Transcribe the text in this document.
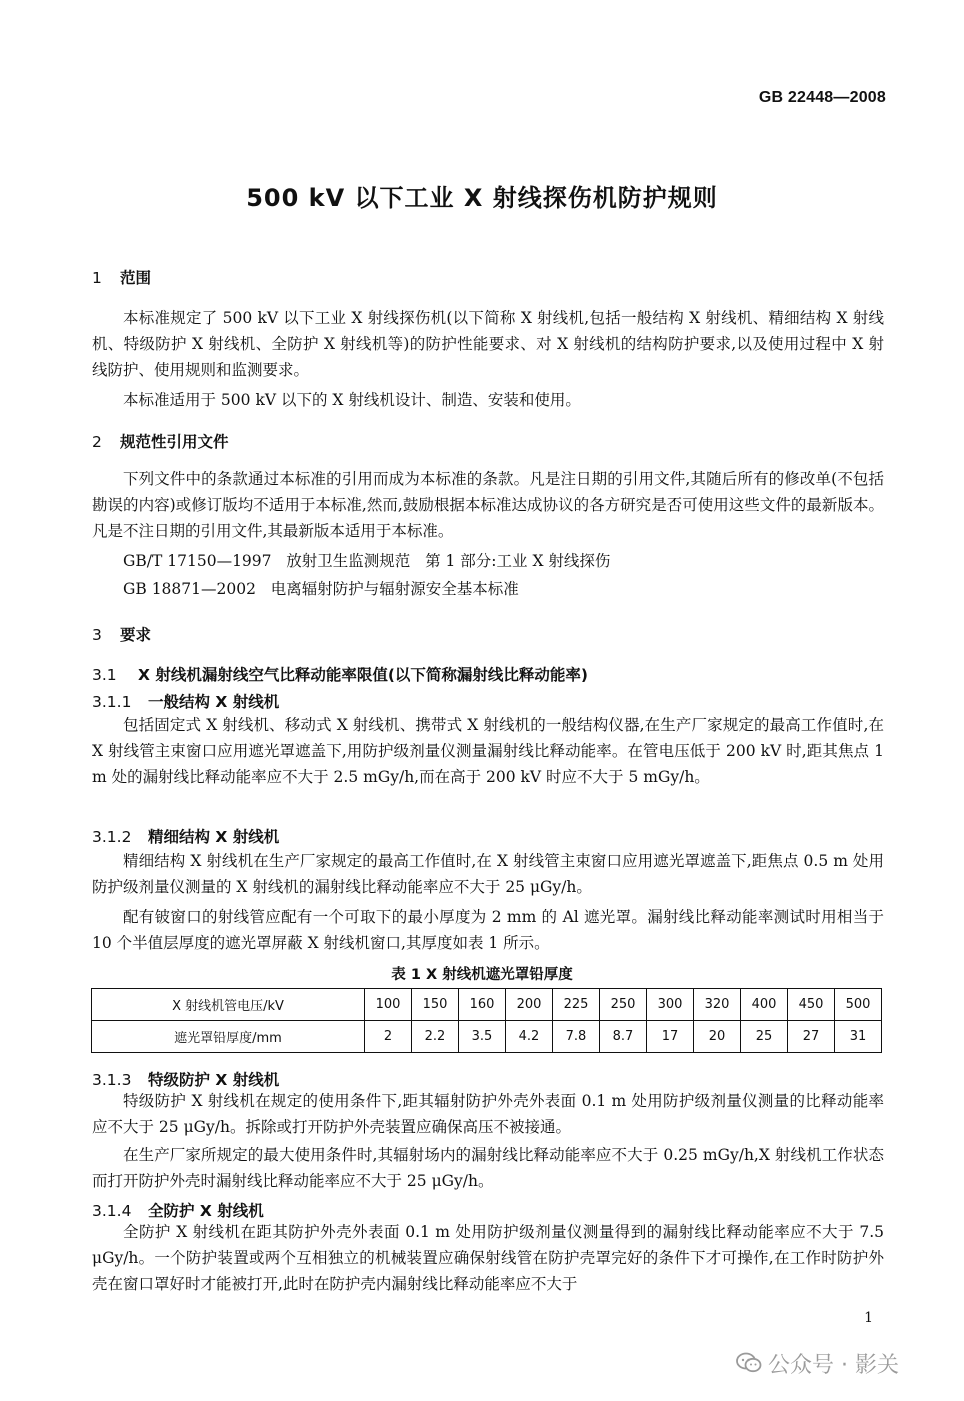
GB 22448—2008
500 kV 以下工业 X 射线探伤机防护规则
1 范围

本标准规定了 500 kV 以下工业 X 射线探伤机(以下简称 X 射线机,包括一般结构 X 射线机、精细结构 X 射线机、特级防护 X 射线机、全防护 X 射线机等)的防护性能要求、对 X 射线机的结构防护要求,以及使用过程中 X 射线防护、使用规则和监测要求。

本标准适用于 500 kV 以下的 X 射线机设计、制造、安装和使用。

2 规范性引用文件

下列文件中的条款通过本标准的引用而成为本标准的条款。凡是注日期的引用文件,其随后所有的修改单(不包括勘误的内容)或修订版均不适用于本标准,然而,鼓励根据本标准达成协议的各方研究是否可使用这些文件的最新版本。凡是不注日期的引用文件,其最新版本适用于本标准。

GB/T 17150—1997   放射卫生监测规范   第 1 部分:工业 X 射线探伤

GB 18871—2002   电离辐射防护与辐射源安全基本标准

3 要求
3.1 X 射线机漏射线空气比释动能率限值(以下简称漏射线比释动能率)
3.1.1 一般结构 X 射线机

包括固定式 X 射线机、移动式 X 射线机、携带式 X 射线机的一般结构仪器,在生产厂家规定的最高工作值时,在 X 射线管主束窗口应用遮光罩遮盖下,用防护级剂量仪测量漏射线比释动能率。在管电压低于 200 kV 时,距其焦点 1 m 处的漏射线比释动能率应不大于 2.5 mGy/h,而在高于 200 kV 时应不大于 5 mGy/h。

3.1.2 精细结构 X 射线机

精细结构 X 射线机在生产厂家规定的最高工作值时,在 X 射线管主束窗口应用遮光罩遮盖下,距焦点 0.5 m 处用防护级剂量仪测量的 X 射线机的漏射线比释动能率应不大于 25 μGy/h。

配有铍窗口的射线管应配有一个可取下的最小厚度为 2 mm 的 Al 遮光罩。漏射线比释动能率测试时用相当于 10 个半值层厚度的遮光罩屏蔽 X 射线机窗口,其厚度如表 1 所示。

表 1 X 射线机遮光罩铅厚度
X 射线机管电压/kV	100	150	160	200	225	250	300	320	400	450	500
遮光罩铅厚度/mm	2	2.2	3.5	4.2	7.8	8.7	17	20	25	27	31
3.1.3 特级防护 X 射线机

特级防护 X 射线机在规定的使用条件下,距其辐射防护外壳外表面 0.1 m 处用防护级剂量仪测量的比释动能率应不大于 25 μGy/h。拆除或打开防护外壳装置应确保高压不被接通。

在生产厂家所规定的最大使用条件时,其辐射场内的漏射线比释动能率应不大于 0.25 mGy/h,X 射线机工作状态而打开防护外壳时漏射线比释动能率应不大于 25 μGy/h。

3.1.4 全防护 X 射线机

全防护 X 射线机在距其防护外壳外表面 0.1 m 处用防护级剂量仪测量得到的漏射线比释动能率应不大于 7.5 μGy/h。一个防护装置或两个互相独立的机械装置应确保射线管在防护壳罩完好的条件下才可操作,在工作时防护外壳在窗口罩好时才能被打开,此时在防护壳内漏射线比释动能率应不大于

1
公众号 · 影关
